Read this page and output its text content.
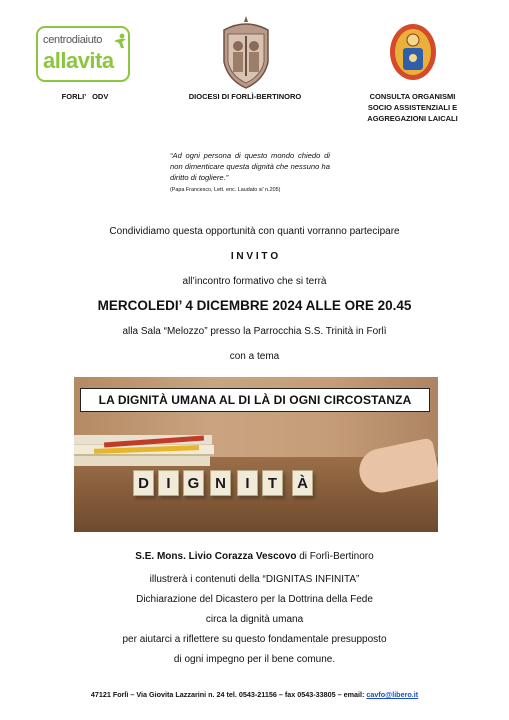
centrodiaiuto
allavita
FORLI’   ODV	DIOCESI DI FORLÌ-BERTINORO	CONSULTA ORGANISMI
SOCIO ASSISTENZIALI E
AGGREGAZIONI LAICALI
“Ad ogni persona di questo mondo chiedo di non dimenticare questa dignità che nessuno ha diritto di togliere.”
(Papa Francesco, Lett. enc. Laudato si’ n.205)
Condividiamo questa opportunità con quanti vorranno partecipare
I N V I T O
all’incontro formativo che si terrà
MERCOLEDI’ 4 DICEMBRE 2024 ALLE ORE 20.45
alla Sala “Melozzo” presso la Parrocchia S.S. Trinità in Forlì
con a tema
LA DIGNITÀ UMANA AL DI LÀ DI OGNI CIRCOSTANZA
D	I	G	N	I	T	À
S.E. Mons. Livio Corazza Vescovo di Forlì-Bertinoro
illustrerà i contenuti della “DIGNITAS INFINITA”
Dichiarazione del Dicastero per la Dottrina della Fede
circa la dignità umana
per aiutarci a riflettere su questo fondamentale presupposto
di ogni impegno per il bene comune.
47121 Forlì – Via Giovita Lazzarini n. 24 tel. 0543-21156 – fax 0543-33805 – email: cavfo@libero.it
